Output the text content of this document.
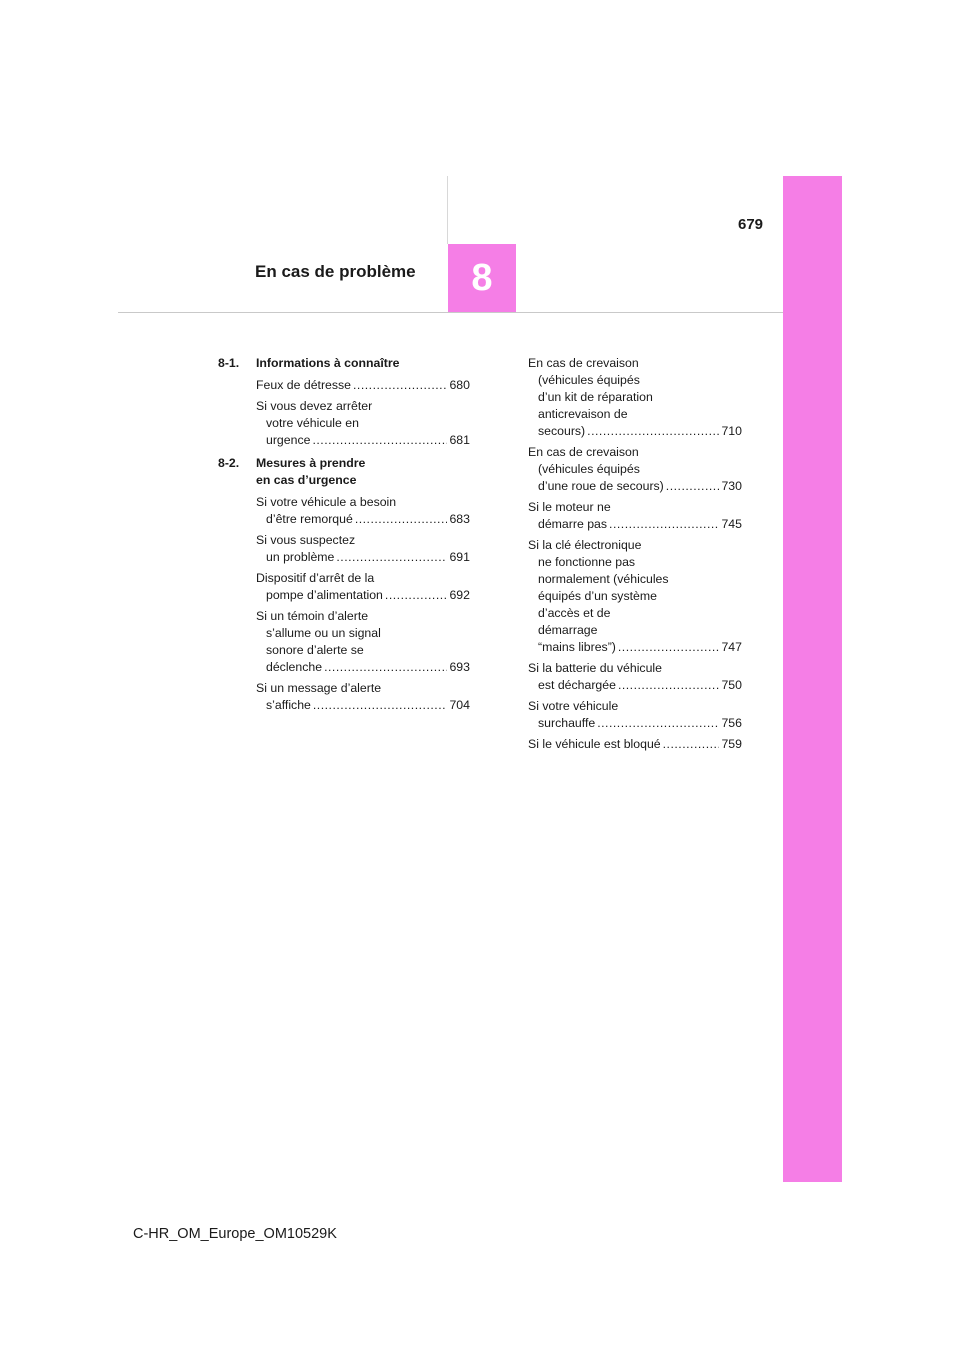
679
8
En cas de problème
8-1. Informations à connaître
Feux de détresse .....	680
Si vous devez arrêter
votre véhicule en
urgence .....	681
8-2. Mesures à prendre
en cas d’urgence
Si votre véhicule a besoin
d’être remorqué .....	683
Si vous suspectez
un problème .....	691
Dispositif d’arrêt de la
pompe d’alimentation .....	692
Si un témoin d’alerte
s’allume ou un signal
sonore d’alerte se
déclenche .....	693
Si un message d’alerte
s’affiche .....	704
En cas de crevaison
(véhicules équipés
d’un kit de réparation
anticrevaison de
secours) .....	710
En cas de crevaison
(véhicules équipés
d’une roue de secours) .....	730
Si le moteur ne
démarre pas .....	745
Si la clé électronique
ne fonctionne pas
normalement (véhicules
équipés d’un système
d’accès et de
démarrage
“mains libres”) .....	747
Si la batterie du véhicule
est déchargée .....	750
Si votre véhicule
surchauffe .....	756
Si le véhicule est bloqué .....	759
C-HR_OM_Europe_OM10529K
